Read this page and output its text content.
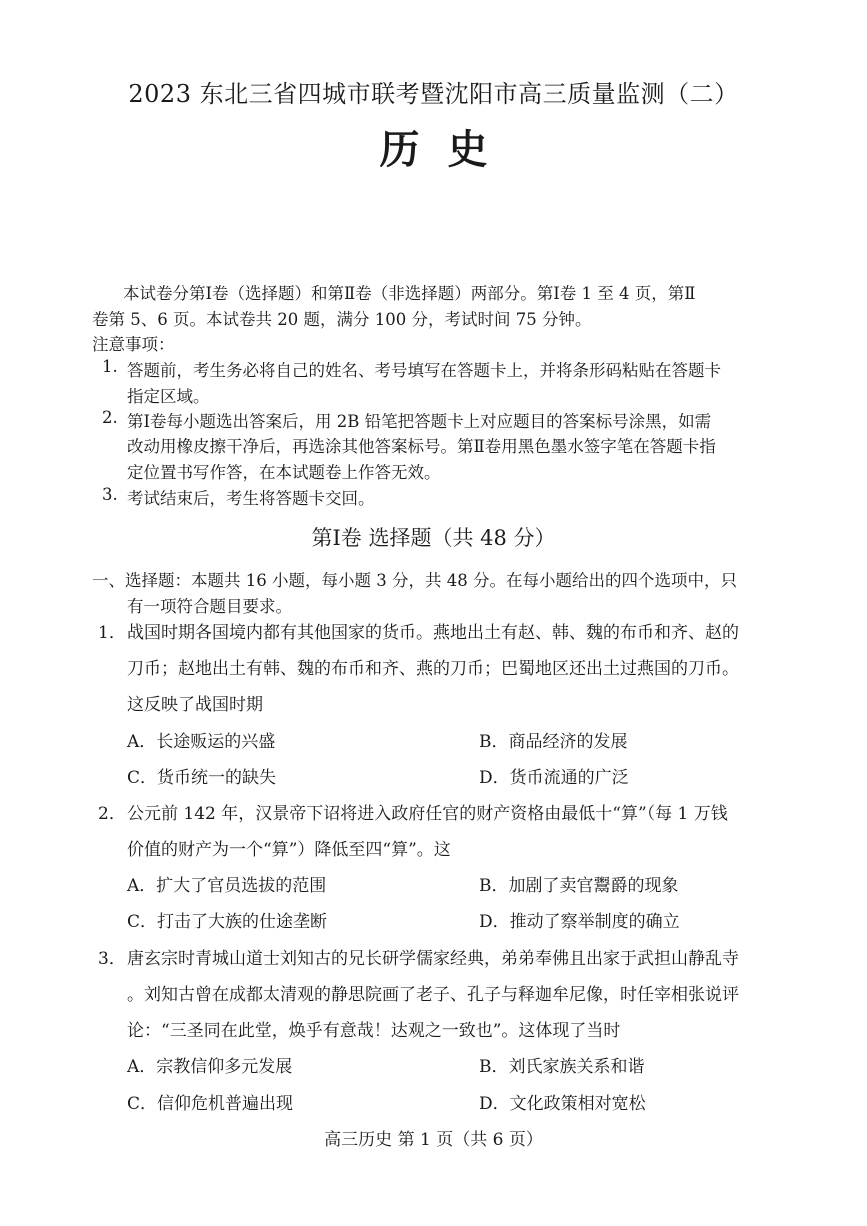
2023 东北三省四城市联考暨沈阳市高三质量监测（二）
历史
本试卷分第Ⅰ卷（选择题）和第Ⅱ卷（非选择题）两部分。第Ⅰ卷 1 至 4 页，第Ⅱ
卷第 5、6 页。本试卷共 20 题，满分 100 分，考试时间 75 分钟。
注意事项：
1. 答题前，考生务必将自己的姓名、考号填写在答题卡上，并将条形码粘贴在答题卡
指定区域。
2. 第Ⅰ卷每小题选出答案后，用 2B 铅笔把答题卡上对应题目的答案标号涂黑，如需
改动用橡皮擦干净后，再选涂其他答案标号。第Ⅱ卷用黑色墨水签字笔在答题卡指
定位置书写作答，在本试题卷上作答无效。
3. 考试结束后，考生将答题卡交回。
第Ⅰ卷 选择题（共 48 分）
一、选择题：本题共 16 小题，每小题 3 分，共 48 分。在每小题给出的四个选项中，只
有一项符合题目要求。
1． 战国时期各国境内都有其他国家的货币。燕地出土有赵、韩、魏的布币和齐、赵的
刀币；赵地出土有韩、魏的布币和齐、燕的刀币；巴蜀地区还出土过燕国的刀币。
这反映了战国时期
A．长途贩运的兴盛	B．商品经济的发展
C．货币统一的缺失	D．货币流通的广泛
2． 公元前 142 年，汉景帝下诏将进入政府任官的财产资格由最低十“算”（每 1 万钱
价值的财产为一个“算”）降低至四“算”。这
A．扩大了官员选拔的范围	B．加剧了卖官鬻爵的现象
C．打击了大族的仕途垄断	D．推动了察举制度的确立
3． 唐玄宗时青城山道士刘知古的兄长研学儒家经典，弟弟奉佛且出家于武担山静乱寺
。刘知古曾在成都太清观的静思院画了老子、孔子与释迦牟尼像，时任宰相张说评
论：“三圣同在此堂，焕乎有意哉！达观之一致也”。这体现了当时
A．宗教信仰多元发展	B．刘氏家族关系和谐
C．信仰危机普遍出现	D．文化政策相对宽松
高三历史 第 1 页（共 6 页）
